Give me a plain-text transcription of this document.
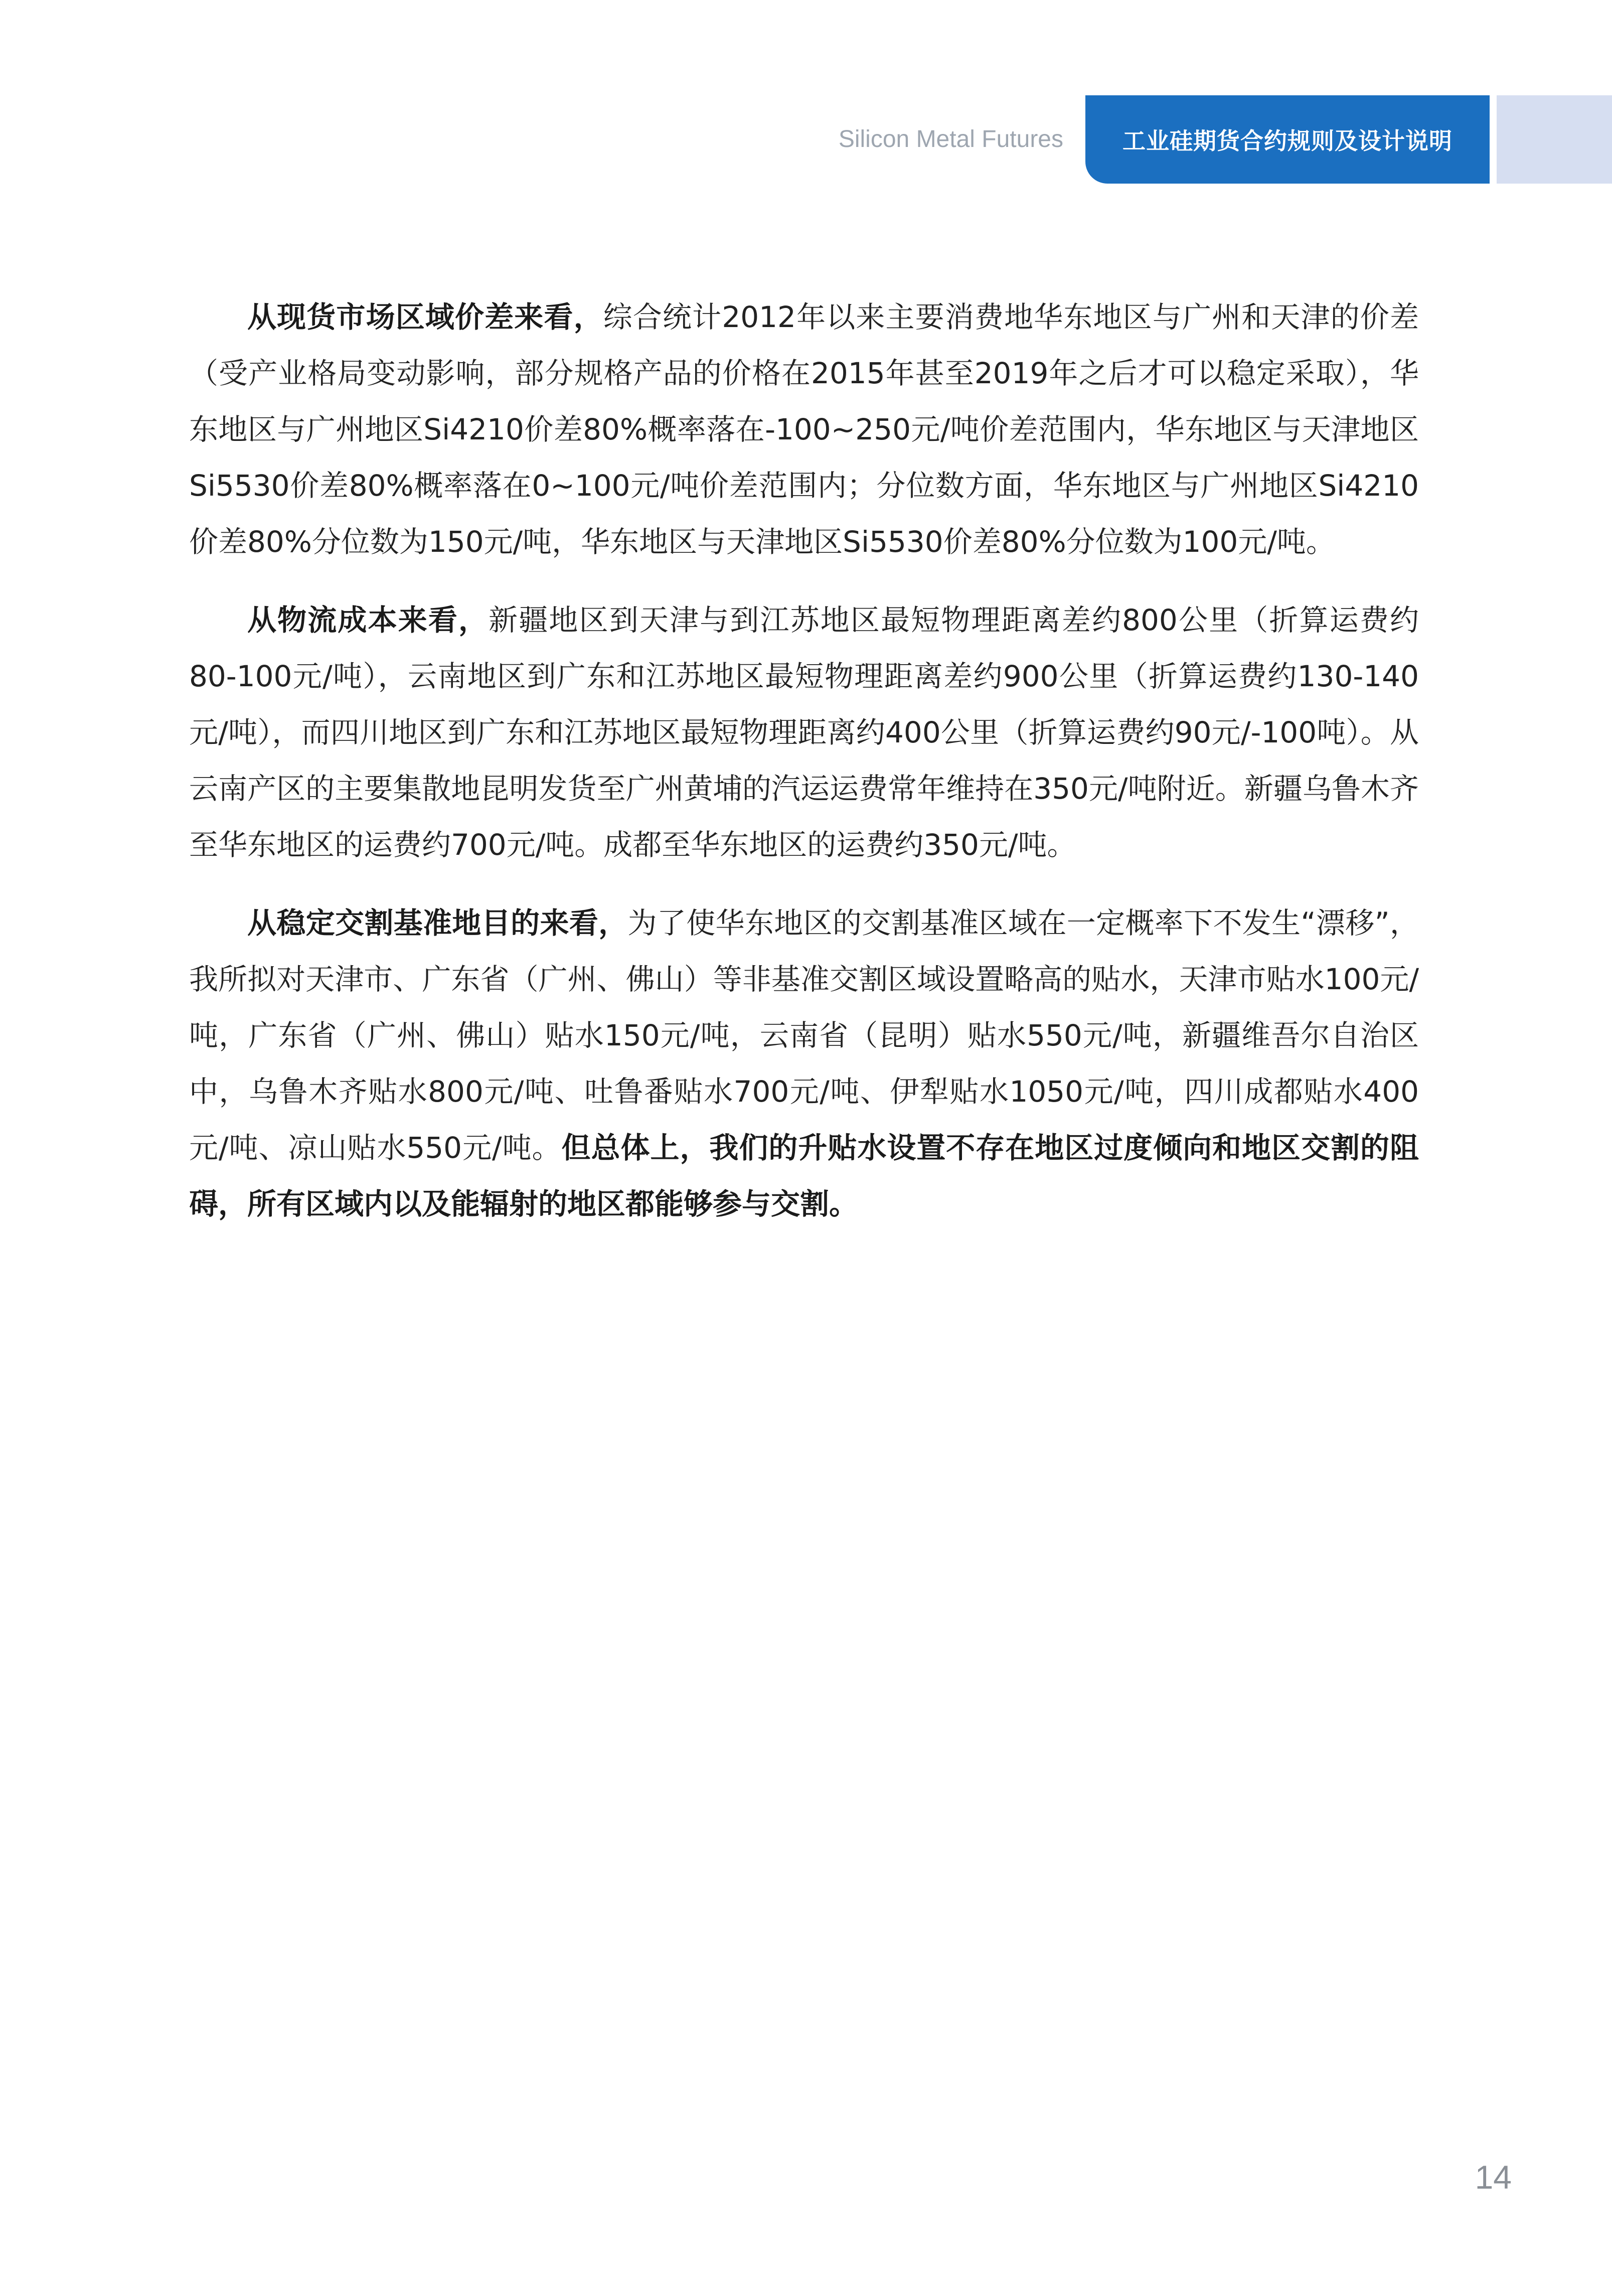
Silicon Metal Futures	工业硅期货合约规则及设计说明

从现货市场区域价差来看，综合统计2012年以来主要消费地华东地区与广州和天津的价差（受产业格局变动影响，部分规格产品的价格在2015年甚至2019年之后才可以稳定采取），华东地区与广州地区Si4210价差80%概率落在-100~250元/吨价差范围内，华东地区与天津地区Si5530价差80%概率落在0~100元/吨价差范围内；分位数方面，华东地区与广州地区Si4210价差80%分位数为150元/吨，华东地区与天津地区Si5530价差80%分位数为100元/吨。

从物流成本来看，新疆地区到天津与到江苏地区最短物理距离差约800公里（折算运费约80-100元/吨），云南地区到广东和江苏地区最短物理距离差约900公里（折算运费约130-140元/吨），而四川地区到广东和江苏地区最短物理距离约400公里（折算运费约90元/-100吨）。从云南产区的主要集散地昆明发货至广州黄埔的汽运运费常年维持在350元/吨附近。新疆乌鲁木齐至华东地区的运费约700元/吨。成都至华东地区的运费约350元/吨。

从稳定交割基准地目的来看，为了使华东地区的交割基准区域在一定概率下不发生“漂移”，我所拟对天津市、广东省（广州、佛山）等非基准交割区域设置略高的贴水，天津市贴水100元/吨，广东省（广州、佛山）贴水150元/吨，云南省（昆明）贴水550元/吨，新疆维吾尔自治区中，乌鲁木齐贴水800元/吨、吐鲁番贴水700元/吨、伊犁贴水1050元/吨，四川成都贴水400元/吨、凉山贴水550元/吨。但总体上，我们的升贴水设置不存在地区过度倾向和地区交割的阻碍，所有区域内以及能辐射的地区都能够参与交割。

14
